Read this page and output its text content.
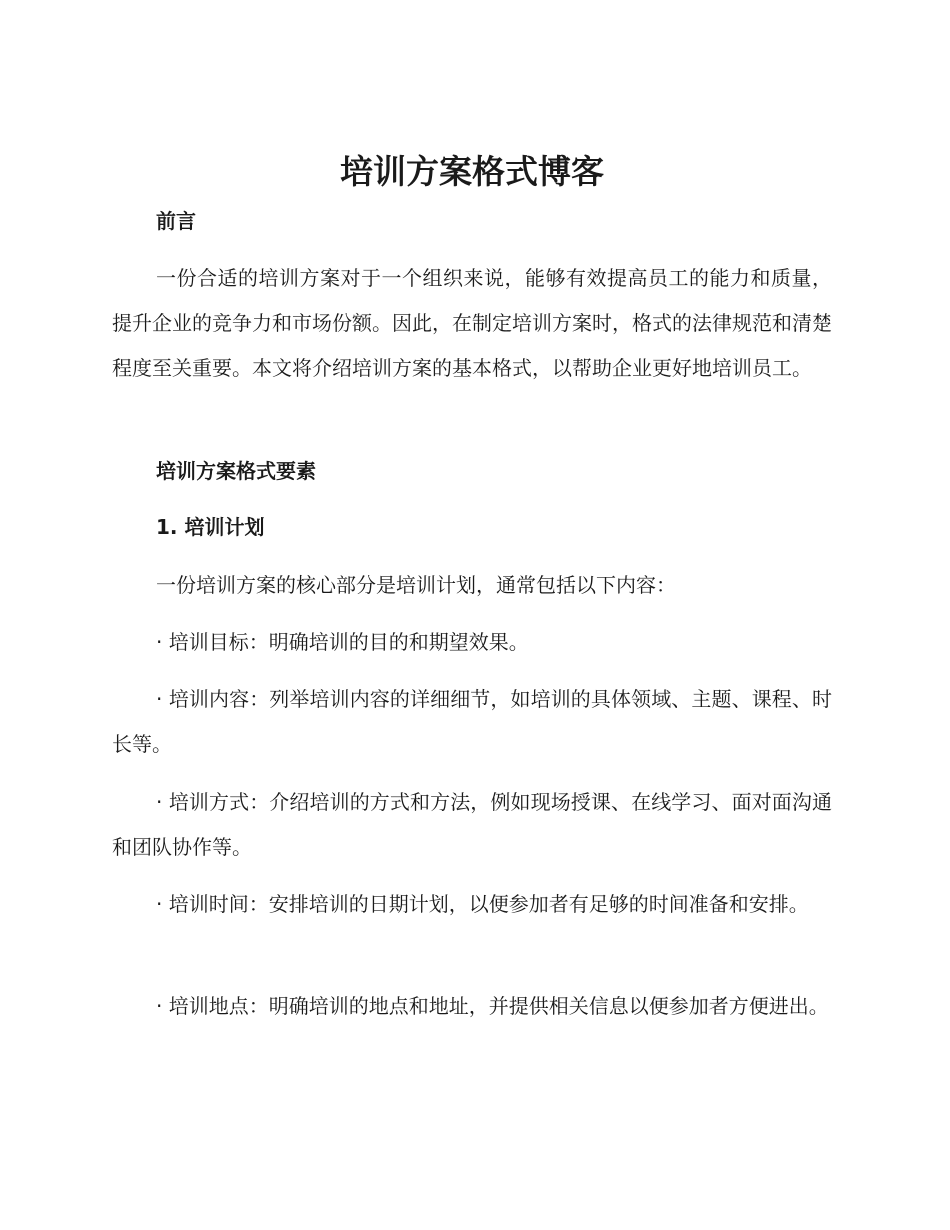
培训方案格式博客
前言

一份合适的培训方案对于一个组织来说，能够有效提高员工的能力和质量，提升企业的竞争力和市场份额。因此，在制定培训方案时，格式的法律规范和清楚程度至关重要。本文将介绍培训方案的基本格式，以帮助企业更好地培训员工。

培训方案格式要素
1. 培训计划

一份培训方案的核心部分是培训计划，通常包括以下内容：

· 培训目标：明确培训的目的和期望效果。

· 培训内容：列举培训内容的详细细节，如培训的具体领域、主题、课程、时长等。

· 培训方式：介绍培训的方式和方法，例如现场授课、在线学习、面对面沟通和团队协作等。

· 培训时间：安排培训的日期计划，以便参加者有足够的时间准备和安排。

· 培训地点：明确培训的地点和地址，并提供相关信息以便参加者方便进出。
